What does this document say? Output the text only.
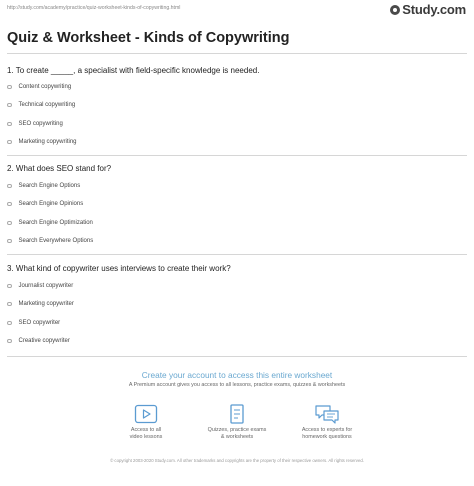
http://study.com/academy/practice/quiz-worksheet-kinds-of-copywriting.html	Study.com
Quiz & Worksheet - Kinds of Copywriting
1. To create _____, a specialist with field-specific knowledge is needed.
Content copywriting
Technical copywriting
SEO copywriting
Marketing copywriting
2. What does SEO stand for?
Search Engine Options
Search Engine Opinions
Search Engine Optimization
Search Everywhere Options
3. What kind of copywriter uses interviews to create their work?
Journalist copywriter
Marketing copywriter
SEO copywriter
Creative copywriter
Create your account to access this entire worksheet
A Premium account gives you access to all lessons, practice exams, quizzes & worksheets
Access to all
video lessons
Quizzes, practice exams
& worksheets
Access to experts for
homework questions
© copyright 2003-2020 Study.com. All other trademarks and copyrights are the property of their respective owners. All rights reserved.
